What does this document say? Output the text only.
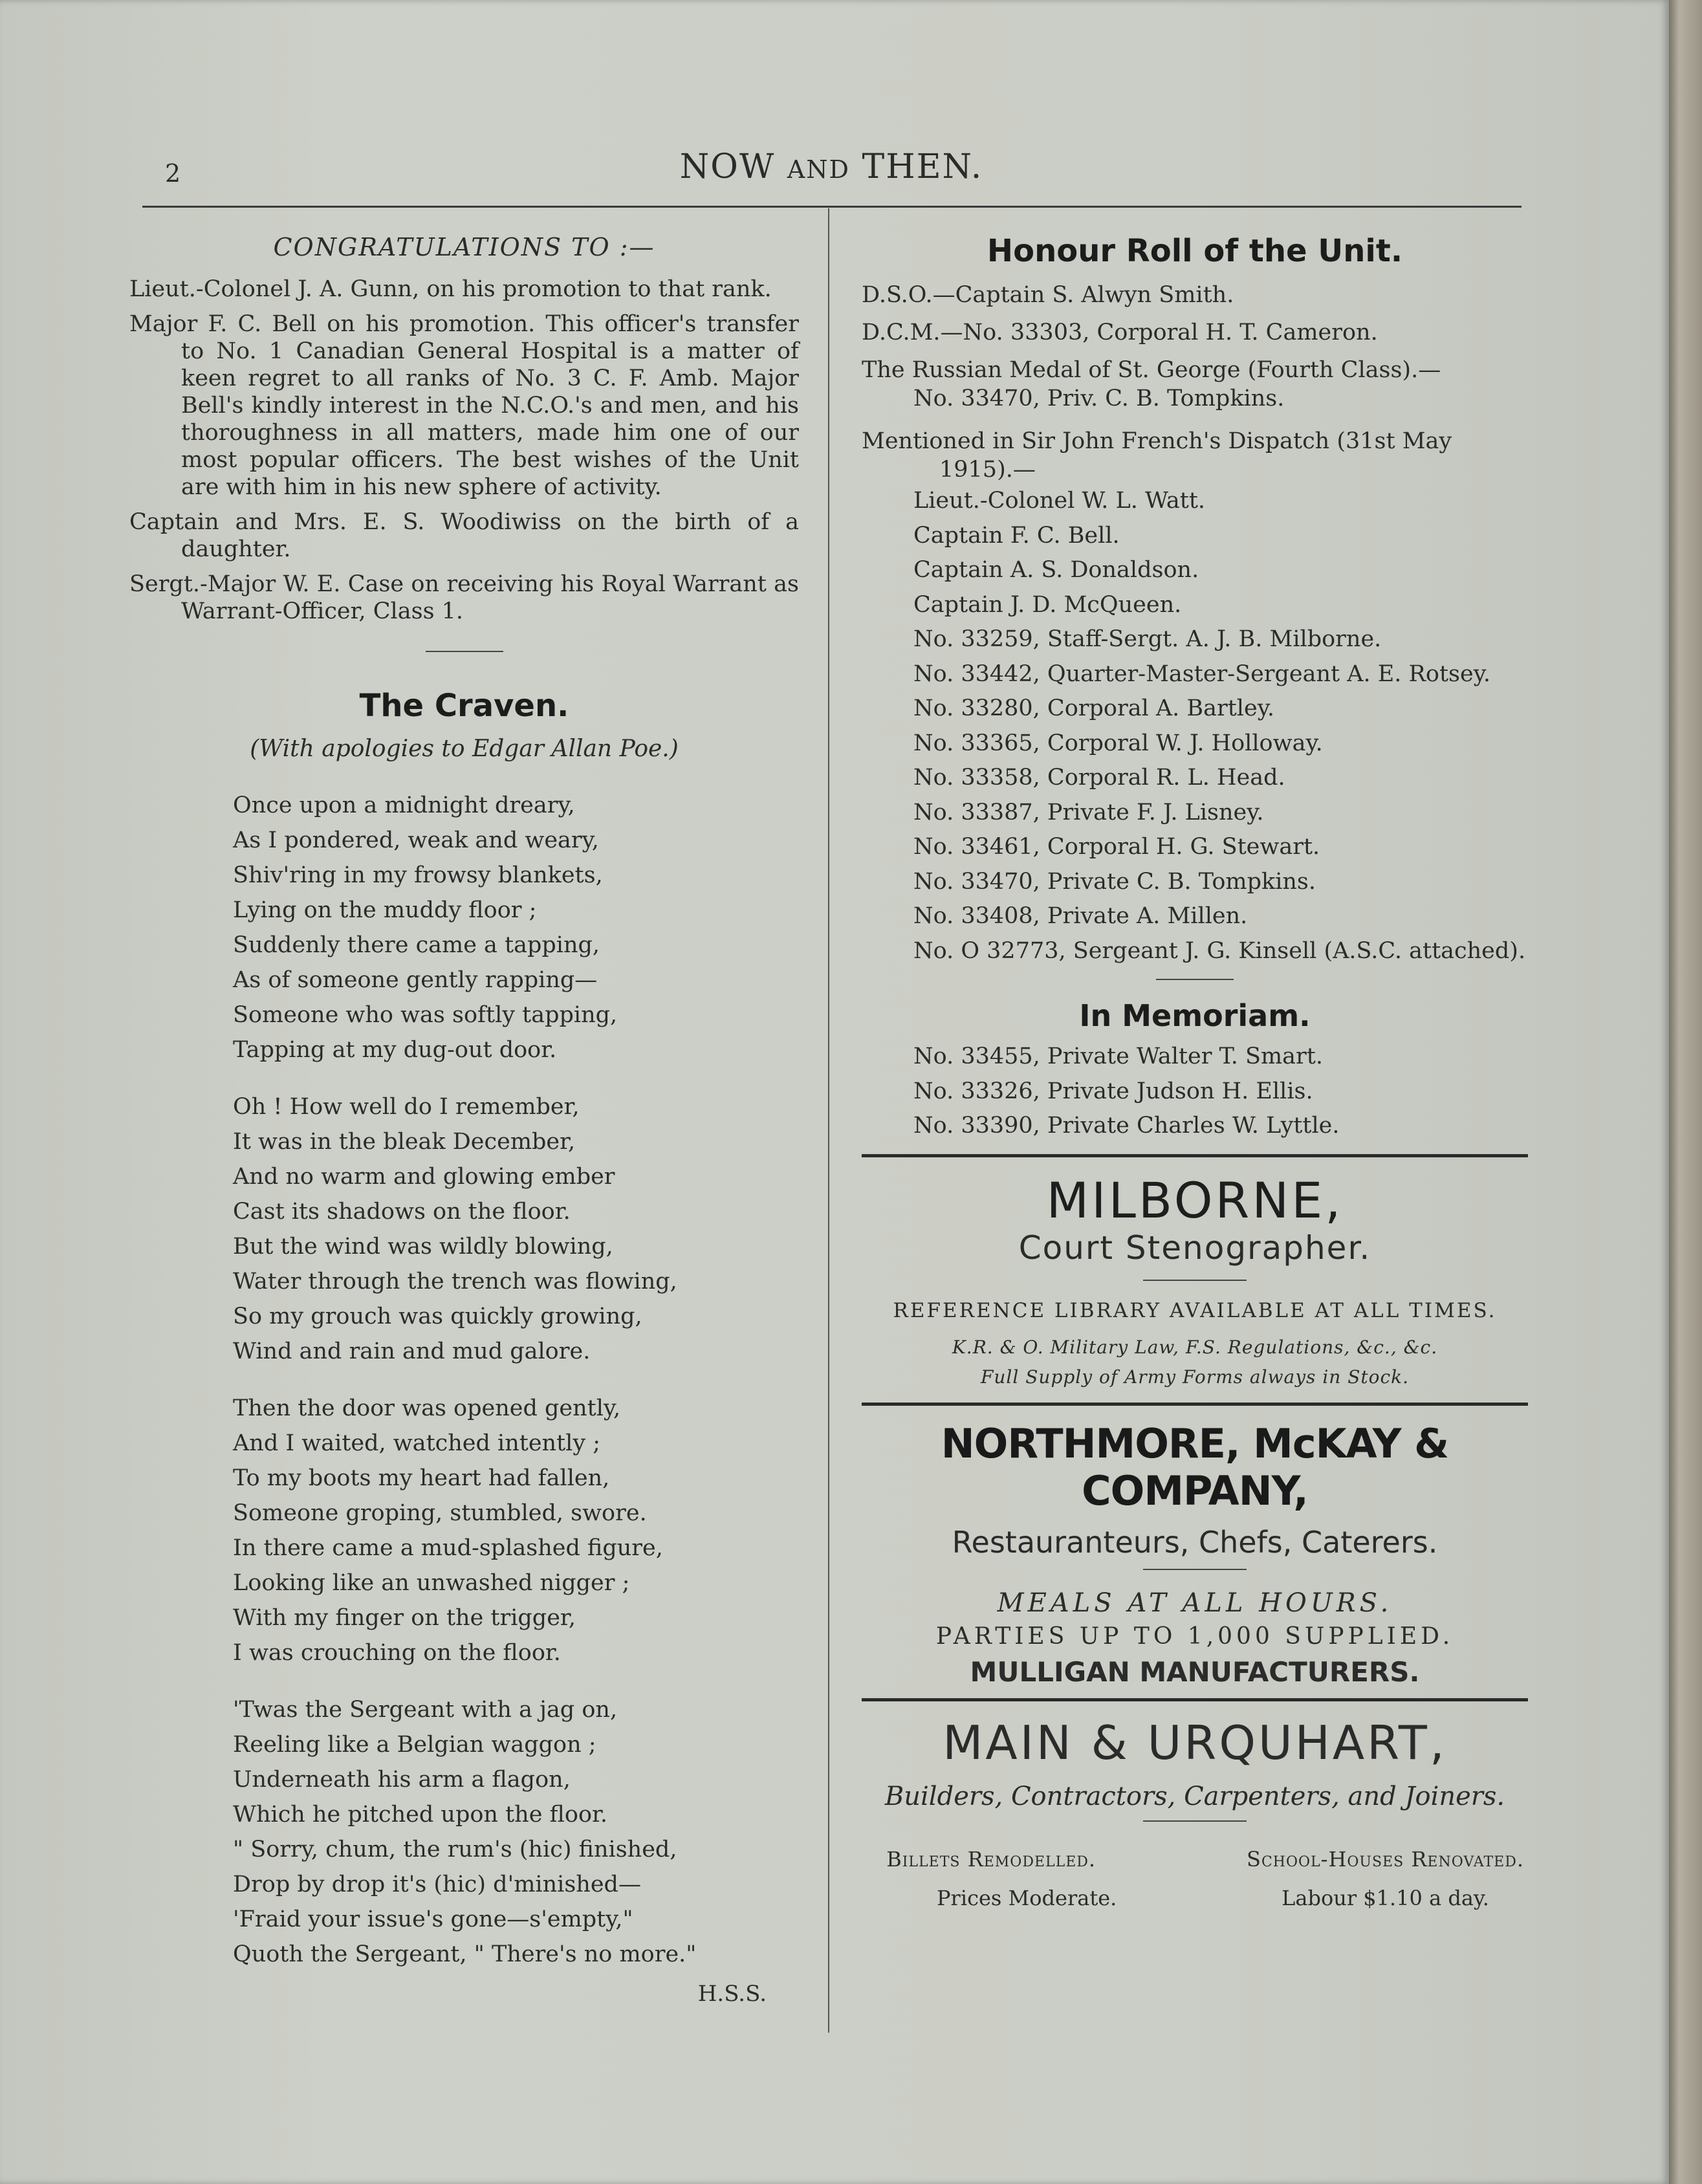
2	NOW AND THEN.
CONGRATULATIONS TO :—

Lieut.-Colonel J. A. Gunn, on his promotion to that rank.

Major F. C. Bell on his promotion. This officer's transfer to No. 1 Canadian General Hospital is a matter of keen regret to all ranks of No. 3 C. F. Amb. Major Bell's kindly interest in the N.C.O.'s and men, and his thoroughness in all matters, made him one of our most popular officers. The best wishes of the Unit are with him in his new sphere of activity.

Captain and Mrs. E. S. Woodiwiss on the birth of a daughter.

Sergt.-Major W. E. Case on receiving his Royal Warrant as Warrant-Officer, Class 1.

The Craven.
(With apologies to Edgar Allan Poe.)
Once upon a midnight dreary,
As I pondered, weak and weary,
Shiv'ring in my frowsy blankets,
Lying on the muddy floor ;
Suddenly there came a tapping,
As of someone gently rapping—
Someone who was softly tapping,
Tapping at my dug-out door.
Oh ! How well do I remember,
It was in the bleak December,
And no warm and glowing ember
Cast its shadows on the floor.
But the wind was wildly blowing,
Water through the trench was flowing,
So my grouch was quickly growing,
Wind and rain and mud galore.
Then the door was opened gently,
And I waited, watched intently ;
To my boots my heart had fallen,
Someone groping, stumbled, swore.
In there came a mud-splashed figure,
Looking like an unwashed nigger ;
With my finger on the trigger,
I was crouching on the floor.
'Twas the Sergeant with a jag on,
Reeling like a Belgian waggon ;
Underneath his arm a flagon,
Which he pitched upon the floor.
" Sorry, chum, the rum's (hic) finished,
Drop by drop it's (hic) d'minished—
'Fraid your issue's gone—s'empty,"
Quoth the Sergeant, " There's no more."
H.S.S.
Honour Roll of the Unit.
D.S.O.—Captain S. Alwyn Smith.
D.C.M.—No. 33303, Corporal H. T. Cameron.
The Russian Medal of St. George (Fourth Class).—
No. 33470, Priv. C. B. Tompkins.
Mentioned in Sir John French's Dispatch (31st May
1915).—
Lieut.-Colonel W. L. Watt.
Captain F. C. Bell.
Captain A. S. Donaldson.
Captain J. D. McQueen.
No. 33259, Staff-Sergt. A. J. B. Milborne.
No. 33442, Quarter-Master-Sergeant A. E. Rotsey.
No. 33280, Corporal A. Bartley.
No. 33365, Corporal W. J. Holloway.
No. 33358, Corporal R. L. Head.
No. 33387, Private F. J. Lisney.
No. 33461, Corporal H. G. Stewart.
No. 33470, Private C. B. Tompkins.
No. 33408, Private A. Millen.
No. O 32773, Sergeant J. G. Kinsell (A.S.C. attached).
In Memoriam.
No. 33455, Private Walter T. Smart.
No. 33326, Private Judson H. Ellis.
No. 33390, Private Charles W. Lyttle.
MILBORNE,
Court Stenographer.
REFERENCE LIBRARY AVAILABLE AT ALL TIMES.
K.R. & O. Military Law, F.S. Regulations, &c., &c.
Full Supply of Army Forms always in Stock.
NORTHMORE, McKAY & COMPANY,
Restauranteurs, Chefs, Caterers.
MEALS AT ALL HOURS.
PARTIES UP TO 1,000 SUPPLIED.
MULLIGAN MANUFACTURERS.
MAIN & URQUHART,
Builders, Contractors, Carpenters, and Joiners.
Billets Remodelled.
Prices Moderate.
School-Houses Renovated.
Labour $1.10 a day.
